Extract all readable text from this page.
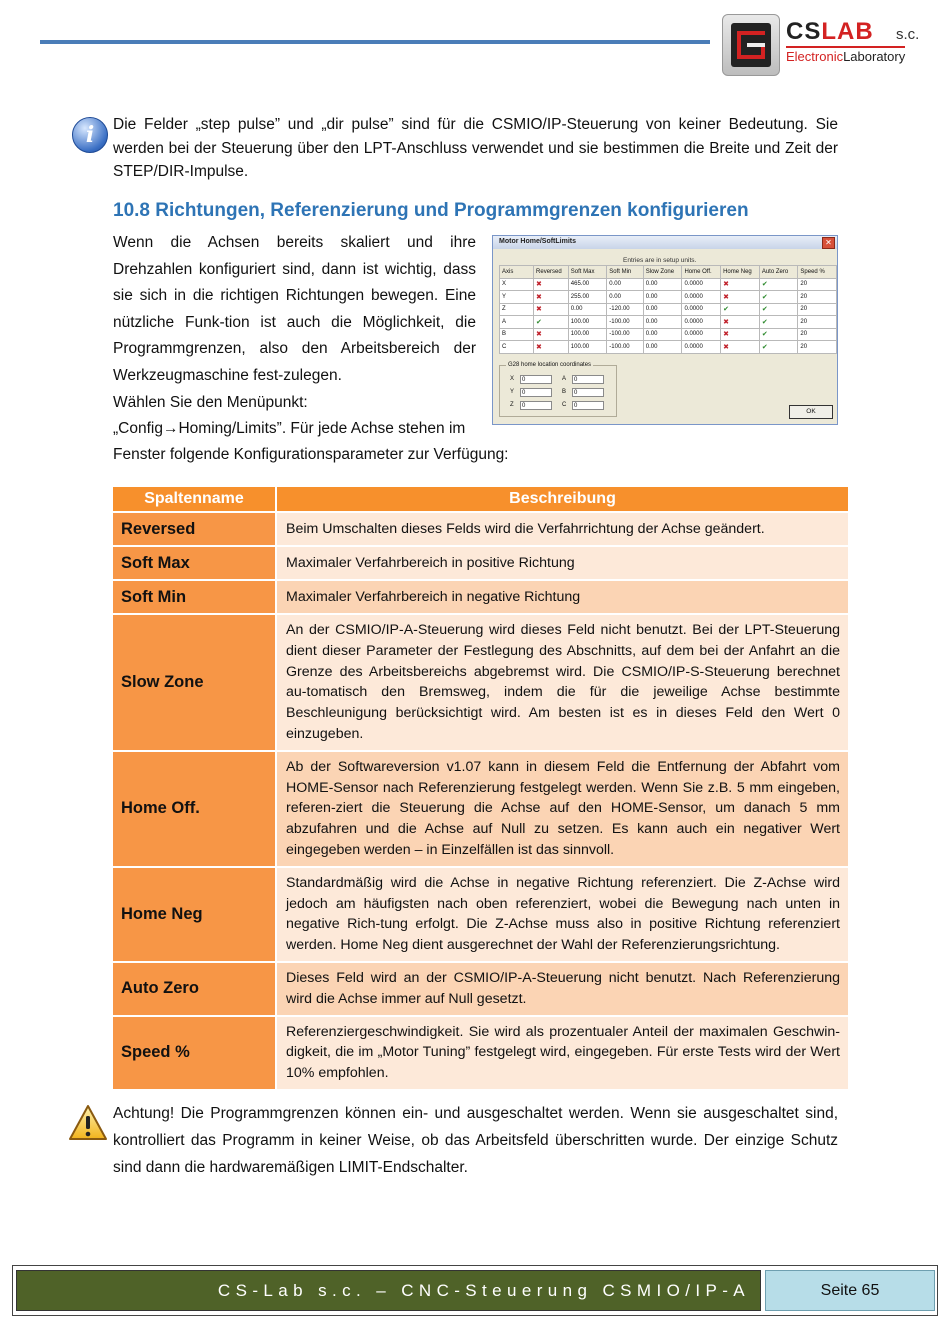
CSLAB s.c.
ElectronicLaboratory
i	Die Felder „step pulse” und „dir pulse” sind für die CSMIO/IP-Steuerung von keiner Bedeutung. Sie werden bei der Steuerung über den LPT-Anschluss verwendet und sie bestimmen die Breite und Zeit der STEP/DIR-Impulse.
10.8 Richtungen, Referenzierung und Programmgrenzen konfigurieren
Wenn die Achsen bereits skaliert und ihre Drehzahlen konfiguriert sind, dann ist wichtig, dass sie sich in die richtigen Richtungen bewegen. Eine nützliche Funk-tion ist auch die Möglichkeit, die Programmgrenzen, also den Arbeitsbereich der Werkzeugmaschine fest-zulegen.
Wählen Sie den Menüpunkt:
„Config→Homing/Limits”. Für jede Achse stehen im
Fenster folgende Konfigurationsparameter zur Verfügung:
Motor Home/SoftLimits	✕
Entries are in setup units.
Axis	Reversed	Soft Max	Soft Min	Slow Zone	Home Off.	Home Neg	Auto Zero	Speed %
X	✖	465.00	0.00	0.00	0.0000	✖	✔	20
Y	✖	255.00	0.00	0.00	0.0000	✖	✔	20
Z	✖	0.00	-120.00	0.00	0.0000	✔	✔	20
A	✔	100.00	-100.00	0.00	0.0000	✖	✔	20
B	✖	100.00	-100.00	0.00	0.0000	✖	✔	20
C	✖	100.00	-100.00	0.00	0.0000	✖	✔	20
G28 home location coordinates
X	0	A	0
Y	0	B	0
Z	0	C	0
OK
Spaltenname	Beschreibung
Reversed	Beim Umschalten dieses Felds wird die Verfahrrichtung der Achse geändert.
Soft Max	Maximaler Verfahrbereich in positive Richtung
Soft Min	Maximaler Verfahrbereich in negative Richtung
Slow Zone	An der CSMIO/IP-A-Steuerung wird dieses Feld nicht benutzt. Bei der LPT-Steuerung dient dieser Parameter der Festlegung des Abschnitts, auf dem bei der Anfahrt an die Grenze des Arbeitsbereichs abgebremst wird. Die CSMIO/IP-S-Steuerung berechnet au-tomatisch den Bremsweg, indem die für die jeweilige Achse bestimmte Beschleunigung berücksichtigt wird. Am besten ist es in dieses Feld den Wert 0 einzugeben.
Home Off.	Ab der Softwareversion v1.07 kann in diesem Feld die Entfernung der Abfahrt vom HOME-Sensor nach Referenzierung festgelegt werden. Wenn Sie z.B. 5 mm eingeben, referen-ziert die Steuerung die Achse auf den HOME-Sensor, um danach 5 mm abzufahren und die Achse auf Null zu setzen. Es kann auch ein negativer Wert eingegeben werden – in Einzelfällen ist das sinnvoll.
Home Neg	Standardmäßig wird die Achse in negative Richtung referenziert. Die Z-Achse wird jedoch am häufigsten nach oben referenziert, wobei die Bewegung nach unten in negative Rich-tung erfolgt. Die Z-Achse muss also in positive Richtung referenziert werden. Home Neg dient ausgerechnet der Wahl der Referenzierungsrichtung.
Auto Zero	Dieses Feld wird an der CSMIO/IP-A-Steuerung nicht benutzt. Nach Referenzierung wird die Achse immer auf Null gesetzt.
Speed %	Referenziergeschwindigkeit. Sie wird als prozentualer Anteil der maximalen Geschwin-digkeit, die im „Motor Tuning” festgelegt wird, eingegeben. Für erste Tests wird der Wert 10% empfohlen.
Achtung! Die Programmgrenzen können ein- und ausgeschaltet werden. Wenn sie ausgeschaltet sind, kontrolliert das Programm in keiner Weise, ob das Arbeitsfeld überschritten wurde. Der einzige Schutz sind dann die hardwaremäßigen LIMIT-Endschalter.
CS-Lab s.c. – CNC-Steuerung CSMIO/IP-A	Seite 65
